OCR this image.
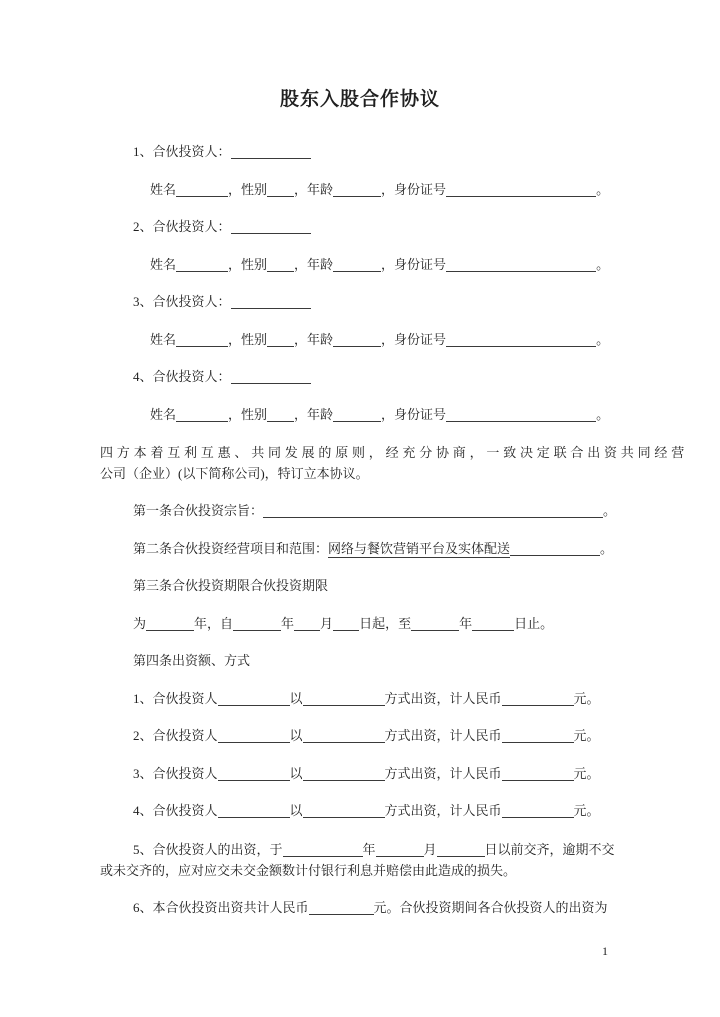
股东入股合作协议
1、合伙投资人：
姓名	，性别 ，年龄	，身份证号	。
2、合伙投资人：
姓名	，性别 ，年龄	，身份证号	。
3、合伙投资人：
姓名	，性别 ，年龄	，身份证号	。
4、合伙投资人：
姓名	，性别 ，年龄	，身份证号	。
四方本着互利互惠、共同发展的原则，经充分协商，一致决定联合出资共同经营
公司（企业）(以下简称公司)，特订立本协议。
第一条合伙投资宗旨：	。
第二条合伙投资经营项目和范围：网络与餐饮营销平台及实体配送	。
第三条合伙投资期限合伙投资期限
为	年，自	年 月 日起，至	年	日止。
第四条出资额、方式
1、合伙投资人	以	方式出资，计人民币	元。
2、合伙投资人	以	方式出资，计人民币	元。
3、合伙投资人	以	方式出资，计人民币	元。
4、合伙投资人	以	方式出资，计人民币	元。
5、合伙投资人的出资，于	年	月	日以前交齐，逾期不交或未交齐的，应对应交未交金额数计付银行利息并赔偿由此造成的损失。
6、本合伙投资出资共计人民币	元。合伙投资期间各合伙投资人的出资为
1
